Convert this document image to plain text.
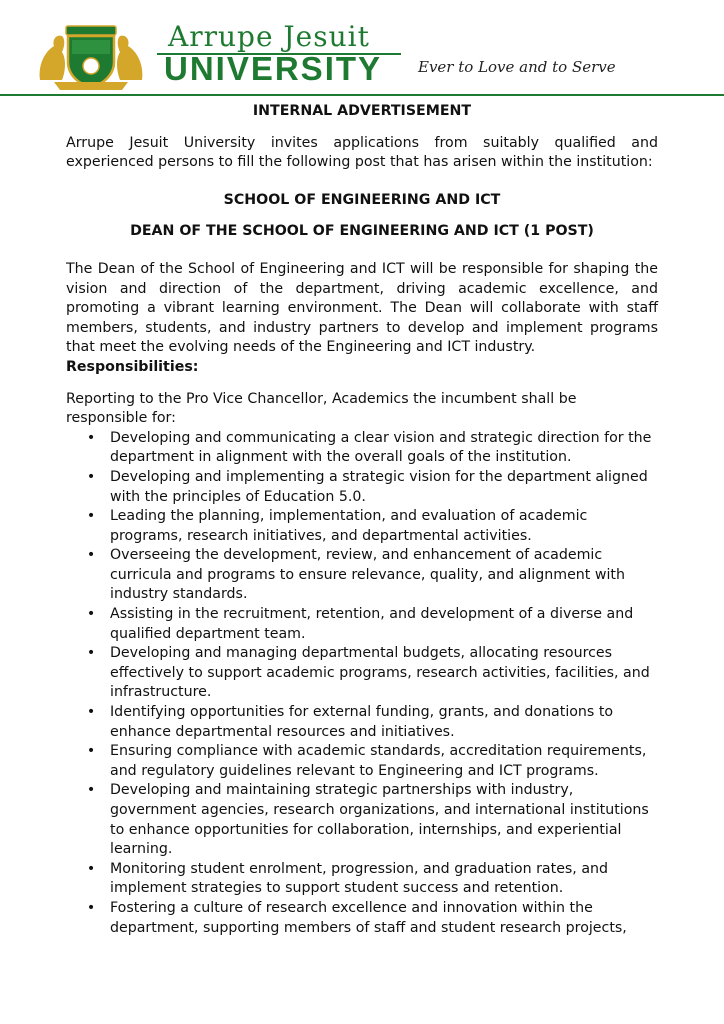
Arrupe Jesuit
UNIVERSITY Ever to Love and to Serve

INTERNAL ADVERTISEMENT

Arrupe Jesuit University invites applications from suitably qualified and experienced persons to fill the following post that has arisen within the institution:

SCHOOL OF ENGINEERING AND ICT

DEAN OF THE SCHOOL OF ENGINEERING AND ICT (1 POST)

The Dean of the School of Engineering and ICT will be responsible for shaping the vision and direction of the department, driving academic excellence, and promoting a vibrant learning environment. The Dean will collaborate with staff members, students, and industry partners to develop and implement programs that meet the evolving needs of the Engineering and ICT industry.

Responsibilities:

Reporting to the Pro Vice Chancellor, Academics the incumbent shall be responsible for:

• Developing and communicating a clear vision and strategic direction for the department in alignment with the overall goals of the institution.
• Developing and implementing a strategic vision for the department aligned with the principles of Education 5.0.
• Leading the planning, implementation, and evaluation of academic programs, research initiatives, and departmental activities.
• Overseeing the development, review, and enhancement of academic curricula and programs to ensure relevance, quality, and alignment with industry standards.
• Assisting in the recruitment, retention, and development of a diverse and qualified department team.
• Developing and managing departmental budgets, allocating resources effectively to support academic programs, research activities, facilities, and infrastructure.
• Identifying opportunities for external funding, grants, and donations to enhance departmental resources and initiatives.
• Ensuring compliance with academic standards, accreditation requirements, and regulatory guidelines relevant to Engineering and ICT programs.
• Developing and maintaining strategic partnerships with industry, government agencies, research organizations, and international institutions to enhance opportunities for collaboration, internships, and experiential learning.
• Monitoring student enrolment, progression, and graduation rates, and implement strategies to support student success and retention.
• Fostering a culture of research excellence and innovation within the department, supporting members of staff and student research projects,
